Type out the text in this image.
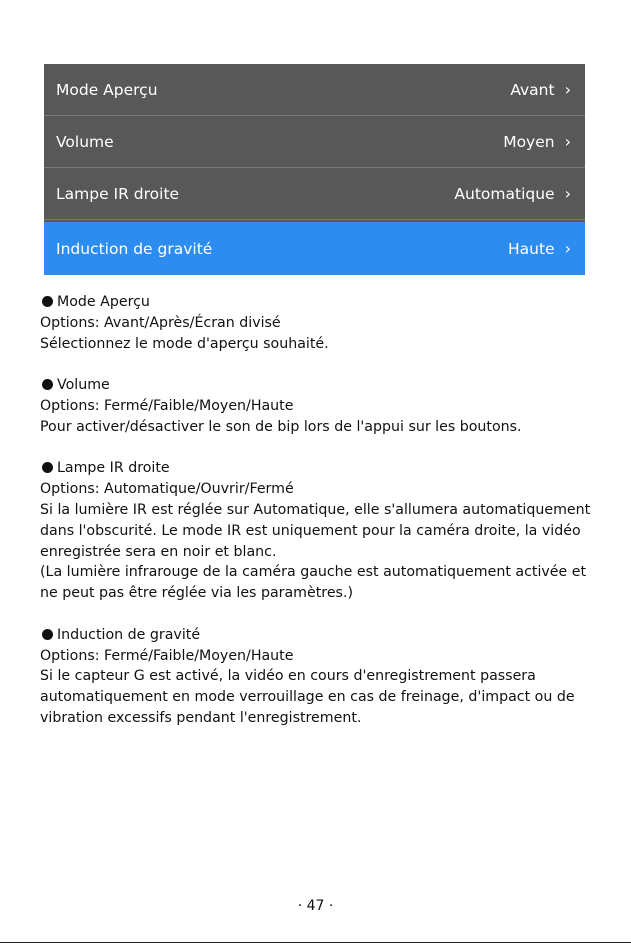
Mode Aperçu	Avant ›
Volume	Moyen ›
Lampe IR droite	Automatique ›
Induction de gravité	Haute ›
Mode Aperçu
Options: Avant/Après/Écran divisé
Sélectionnez le mode d'aperçu souhaité.
Volume
Options: Fermé/Faible/Moyen/Haute
Pour activer/désactiver le son de bip lors de l'appui sur les boutons.
Lampe IR droite
Options: Automatique/Ouvrir/Fermé
Si la lumière IR est réglée sur Automatique, elle s'allumera automatiquement dans l'obscurité. Le mode IR est uniquement pour la caméra droite, la vidéo enregistrée sera en noir et blanc.
(La lumière infrarouge de la caméra gauche est automatiquement activée et ne peut pas être réglée via les paramètres.)
Induction de gravité
Options: Fermé/Faible/Moyen/Haute
Si le capteur G est activé, la vidéo en cours d'enregistrement passera automatiquement en mode verrouillage en cas de freinage, d'impact ou de vibration excessifs pendant l'enregistrement.
· 47 ·
